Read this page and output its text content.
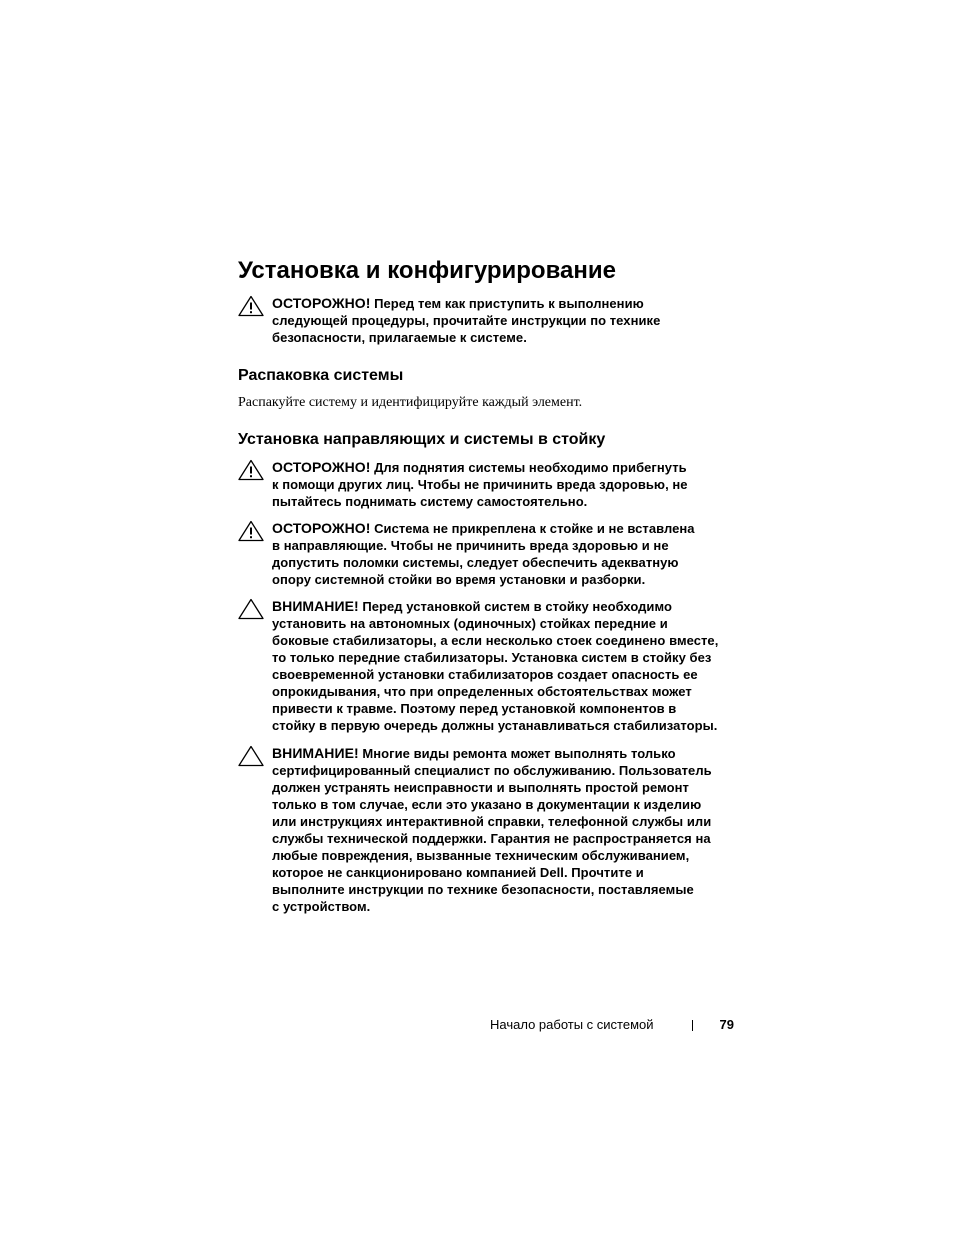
Установка и конфигурирование
ОСТОРОЖНО! Перед тем как приступить к выполнению
следующей процедуры, прочитайте инструкции по технике
безопасности, прилагаемые к системе.
Распаковка системы

Распакуйте систему и идентифицируйте каждый элемент.

Установка направляющих и системы в стойку
ОСТОРОЖНО! Для поднятия системы необходимо прибегнуть
к помощи других лиц. Чтобы не причинить вреда здоровью, не
пытайтесь поднимать систему самостоятельно.
ОСТОРОЖНО! Система не прикреплена к стойке и не вставлена
в направляющие. Чтобы не причинить вреда здоровью и не
допустить поломки системы, следует обеспечить адекватную
опору системной стойки во время установки и разборки.
ВНИМАНИЕ! Перед установкой систем в стойку необходимо
установить на автономных (одиночных) стойках передние и
боковые стабилизаторы, а если несколько стоек соединено вместе,
то только передние стабилизаторы. Установка систем в стойку без
своевременной установки стабилизаторов создает опасность ее
опрокидывания, что при определенных обстоятельствах может
привести к травме. Поэтому перед установкой компонентов в
стойку в первую очередь должны устанавливаться стабилизаторы.
ВНИМАНИЕ! Многие виды ремонта может выполнять только
сертифицированный специалист по обслуживанию. Пользователь
должен устранять неисправности и выполнять простой ремонт
только в том случае, если это указано в документации к изделию
или инструкциях интерактивной справки, телефонной службы или
службы технической поддержки. Гарантия не распространяется на
любые повреждения, вызванные техническим обслуживанием,
которое не санкционировано компанией Dell. Прочтите и
выполните инструкции по технике безопасности, поставляемые
с устройством.
Начало работы с системой	79
